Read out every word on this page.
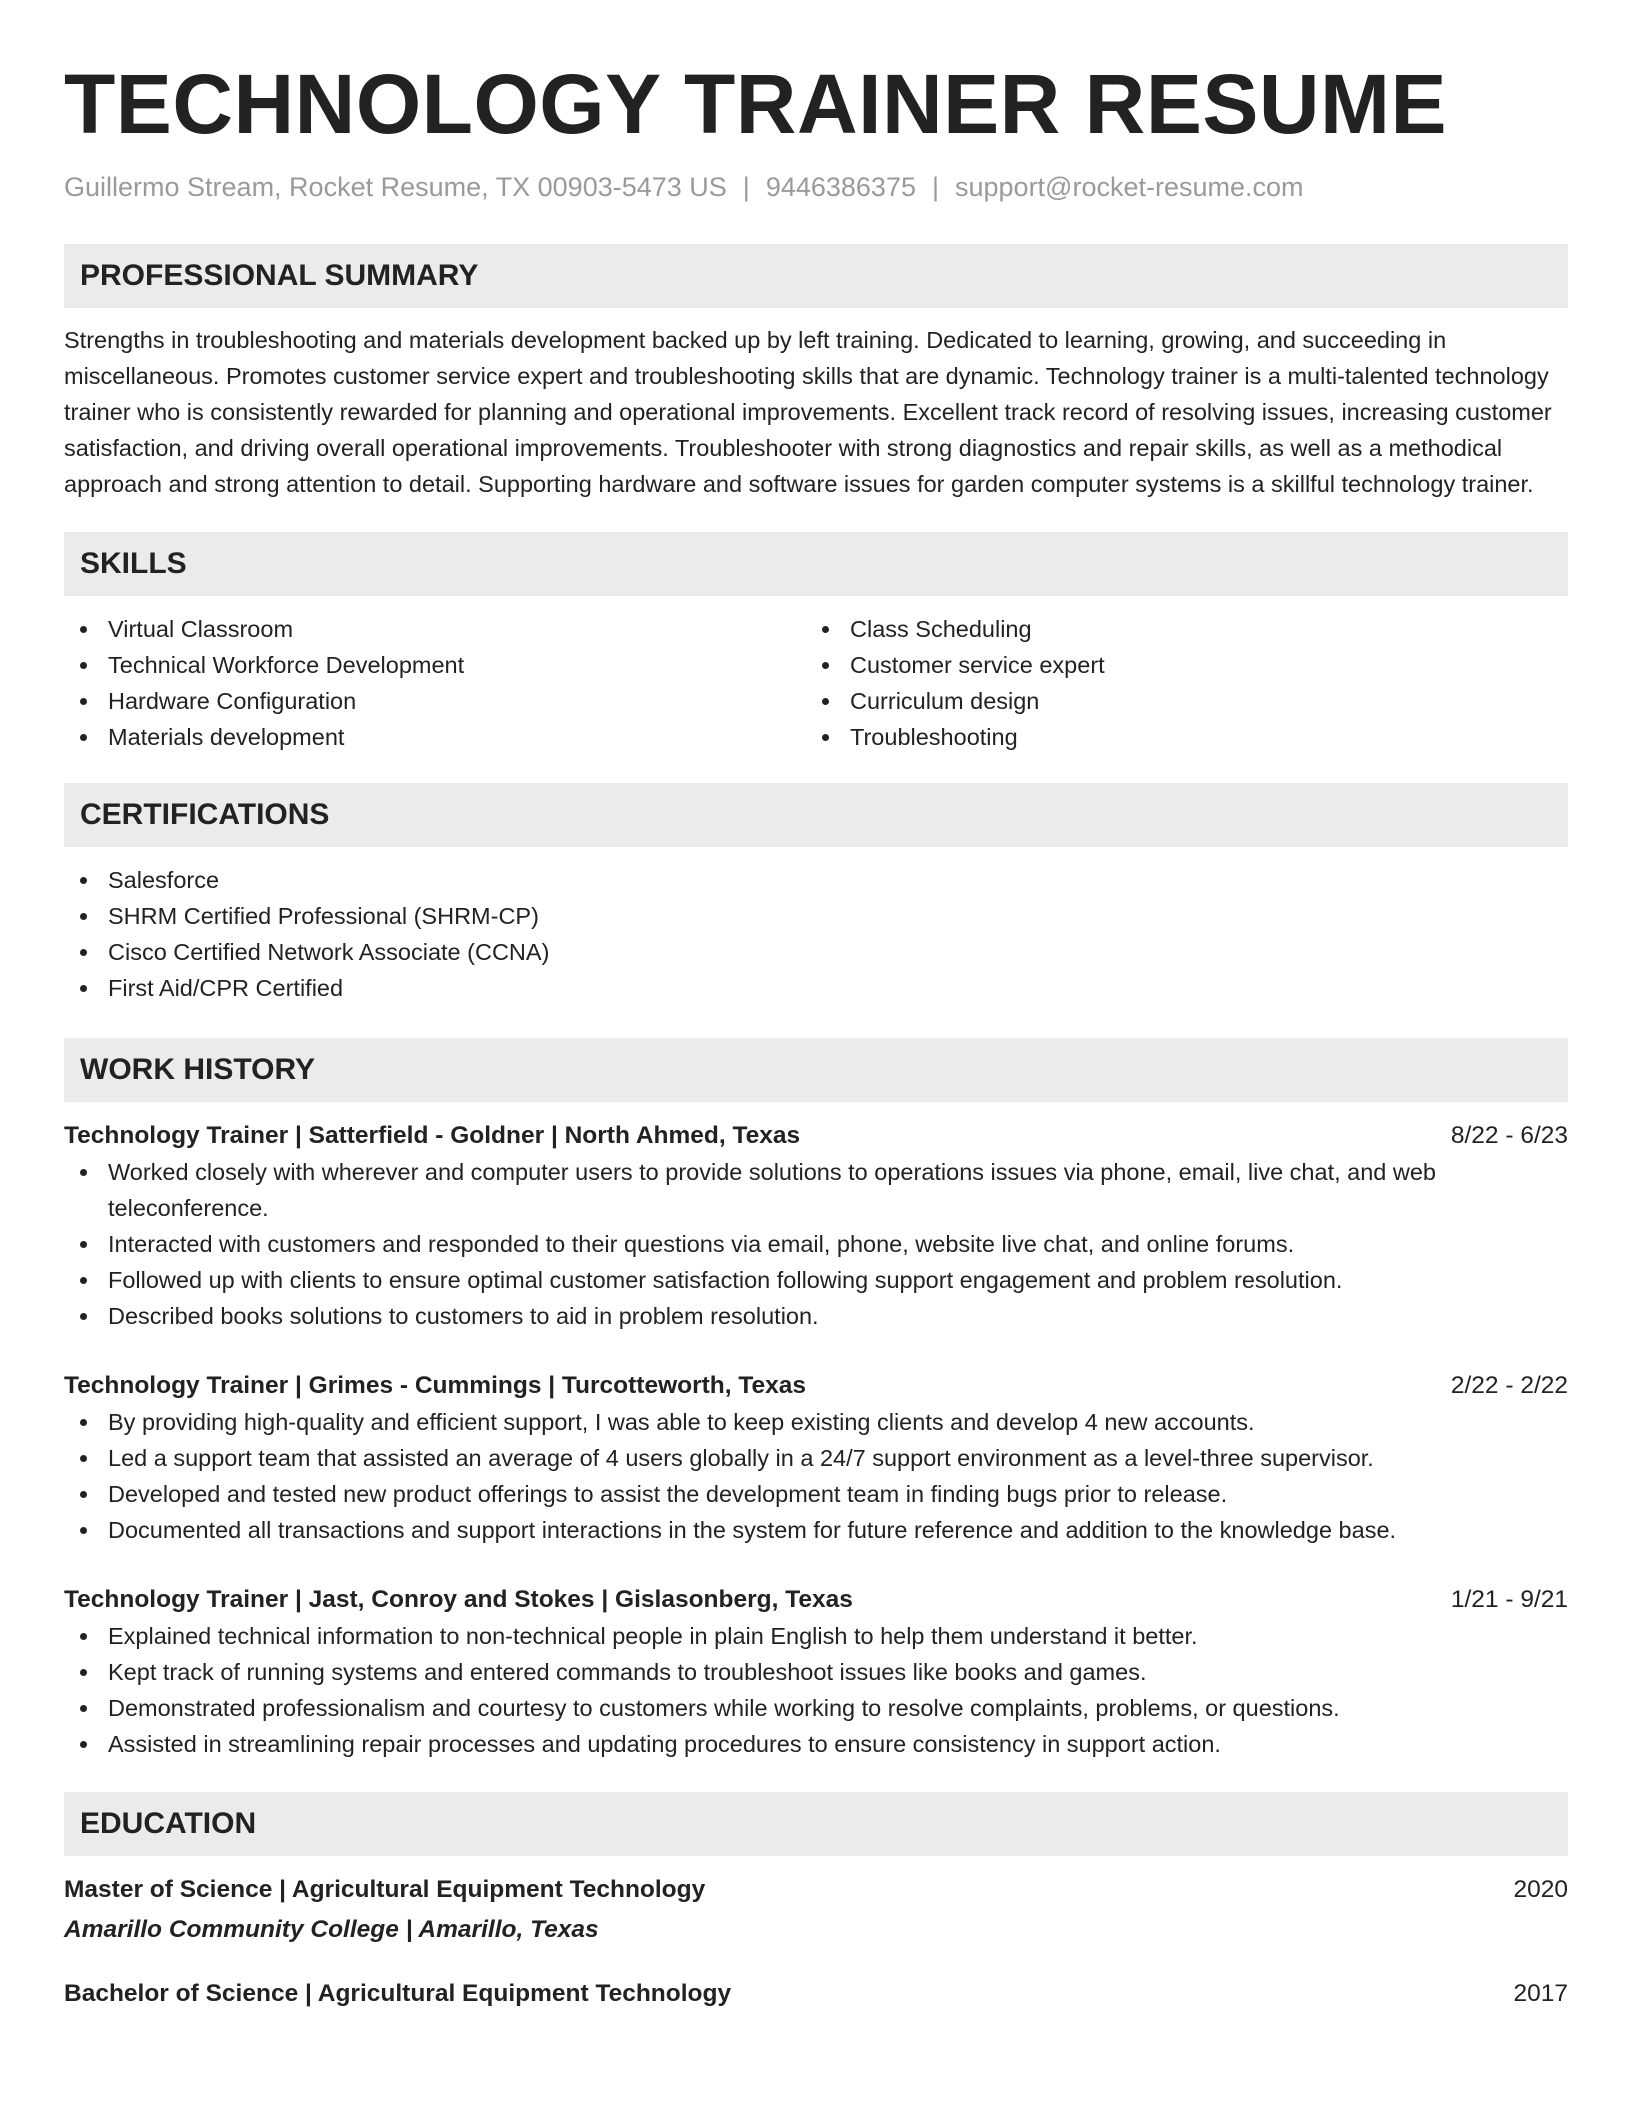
TECHNOLOGY TRAINER RESUME
Guillermo Stream, Rocket Resume, TX 00903-5473 US | 9446386375 | support@rocket-resume.com
PROFESSIONAL SUMMARY
Strengths in troubleshooting and materials development backed up by left training. Dedicated to learning, growing, and succeeding in miscellaneous. Promotes customer service expert and troubleshooting skills that are dynamic. Technology trainer is a multi-talented technology trainer who is consistently rewarded for planning and operational improvements. Excellent track record of resolving issues, increasing customer satisfaction, and driving overall operational improvements. Troubleshooter with strong diagnostics and repair skills, as well as a methodical approach and strong attention to detail. Supporting hardware and software issues for garden computer systems is a skillful technology trainer.
SKILLS
Virtual Classroom
Technical Workforce Development
Hardware Configuration
Materials development
Class Scheduling
Customer service expert
Curriculum design
Troubleshooting
CERTIFICATIONS
Salesforce
SHRM Certified Professional (SHRM-CP)
Cisco Certified Network Associate (CCNA)
First Aid/CPR Certified
WORK HISTORY
Technology Trainer | Satterfield - Goldner | North Ahmed, Texas	8/22 - 6/23
Worked closely with wherever and computer users to provide solutions to operations issues via phone, email, live chat, and web teleconference.
Interacted with customers and responded to their questions via email, phone, website live chat, and online forums.
Followed up with clients to ensure optimal customer satisfaction following support engagement and problem resolution.
Described books solutions to customers to aid in problem resolution.
Technology Trainer | Grimes - Cummings | Turcotteworth, Texas	2/22 - 2/22
By providing high-quality and efficient support, I was able to keep existing clients and develop 4 new accounts.
Led a support team that assisted an average of 4 users globally in a 24/7 support environment as a level-three supervisor.
Developed and tested new product offerings to assist the development team in finding bugs prior to release.
Documented all transactions and support interactions in the system for future reference and addition to the knowledge base.
Technology Trainer | Jast, Conroy and Stokes | Gislasonberg, Texas	1/21 - 9/21
Explained technical information to non-technical people in plain English to help them understand it better.
Kept track of running systems and entered commands to troubleshoot issues like books and games.
Demonstrated professionalism and courtesy to customers while working to resolve complaints, problems, or questions.
Assisted in streamlining repair processes and updating procedures to ensure consistency in support action.
EDUCATION
Master of Science | Agricultural Equipment Technology	2020
Amarillo Community College | Amarillo, Texas
Bachelor of Science | Agricultural Equipment Technology	2017
